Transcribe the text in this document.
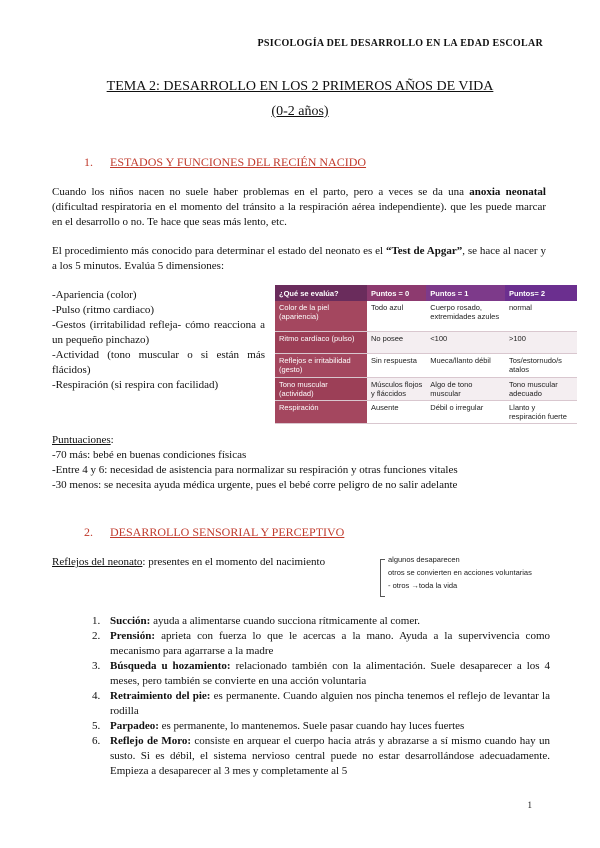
PSICOLOGÍA DEL DESARROLLO EN LA EDAD ESCOLAR
TEMA 2: DESARROLLO EN LOS 2 PRIMEROS AÑOS DE VIDA
(0-2 años)
1. ESTADOS Y FUNCIONES DEL RECIÉN NACIDO
Cuando los niños nacen no suele haber problemas en el parto, pero a veces se da una anoxia neonatal (dificultad respiratoria en el momento del tránsito a la respiración aérea independiente). que les puede marcar en el desarrollo o no. Te hace que seas más lento, etc.
El procedimiento más conocido para determinar el estado del neonato es el “Test de Apgar”, se hace al nacer y a los 5 minutos. Evalúa 5 dimensiones:
-Apariencia (color)
-Pulso (ritmo cardiaco)
-Gestos (irritabilidad refleja- cómo reacciona a un pequeño pinchazo)
-Actividad (tono muscular o si están más flácidos)
-Respiración (si respira con facilidad)
¿Qué se evalúa?	Puntos = 0	Puntos = 1	Puntos= 2
Color de la piel (apariencia)	Todo azul	Cuerpo rosado, extremidades azules	normal
Ritmo cardíaco (pulso)	No posee	<100	>100
Reflejos e irritabilidad (gesto)	Sin respuesta	Mueca/llanto débil	Tos/estornudo/s atalos
Tono muscular (actividad)	Músculos flojos y fláccidos	Algo de tono muscular	Tono muscular adecuado
Respiración	Ausente	Débil o irregular	Llanto y respiración fuerte
Puntuaciones:
-70 más: bebé en buenas condiciones físicas
-Entre 4 y 6: necesidad de asistencia para normalizar su respiración y otras funciones vitales
-30 menos: se necesita ayuda médica urgente, pues el bebé corre peligro de no salir adelante
2. DESARROLLO SENSORIAL Y PERCEPTIVO
Reflejos del neonato: presentes en el momento del nacimiento	algunos desaparecen
otros se convierten en acciones voluntarias
- otros →toda la vida
1. Succión: ayuda a alimentarse cuando succiona rítmicamente al comer.
2. Prensión: aprieta con fuerza lo que le acercas a la mano. Ayuda a la supervivencia como mecanismo para agarrarse a la madre
3. Búsqueda u hozamiento: relacionado también con la alimentación. Suele desaparecer a los 4 meses, pero también se convierte en una acción voluntaria
4. Retraimiento del pie: es permanente. Cuando alguien nos pincha tenemos el reflejo de levantar la rodilla
5. Parpadeo: es permanente, lo mantenemos. Suele pasar cuando hay luces fuertes
6. Reflejo de Moro: consiste en arquear el cuerpo hacia atrás y abrazarse a sí mismo cuando hay un susto. Si es débil, el sistema nervioso central puede no estar desarrollándose adecuadamente. Empieza a desaparecer al 3 mes y completamente al 5
1
